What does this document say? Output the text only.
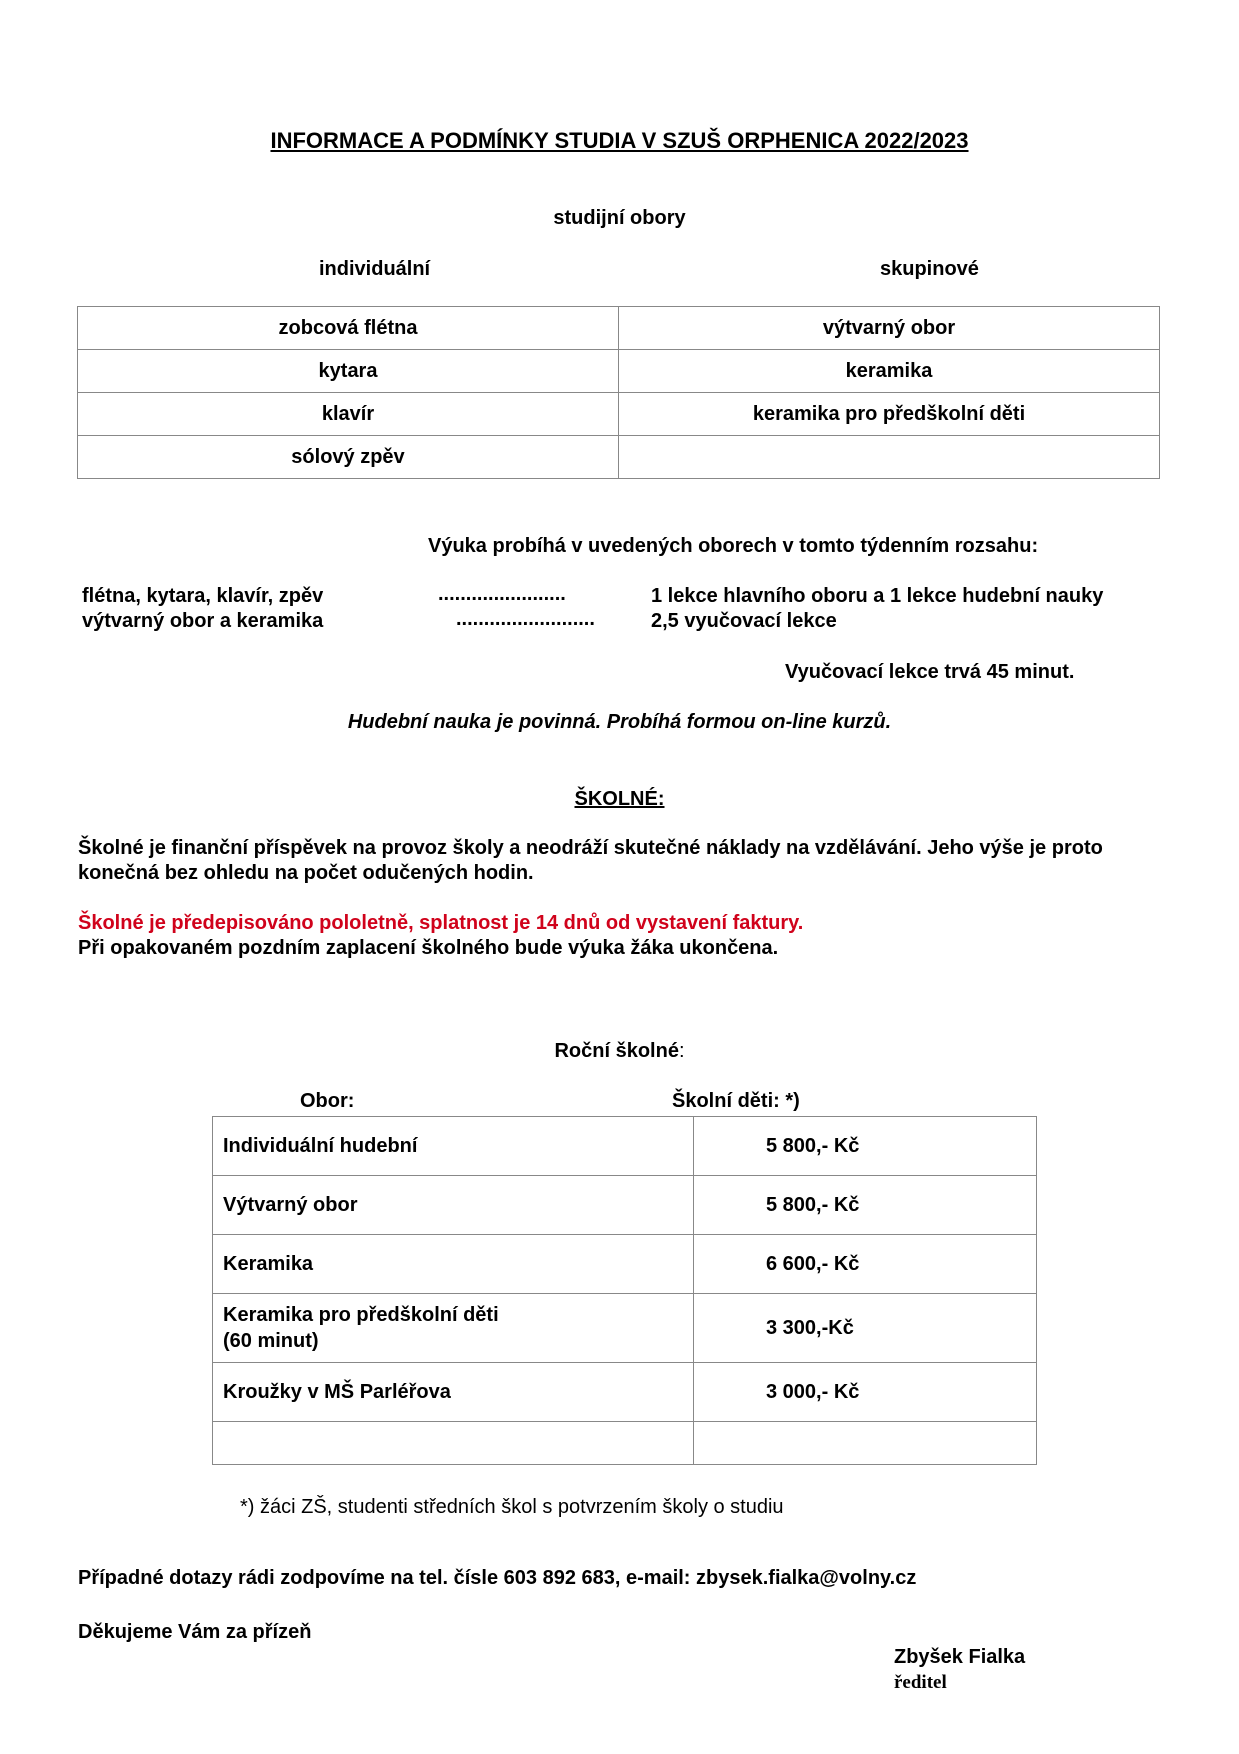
INFORMACE A PODMÍNKY STUDIA V SZUŠ ORPHENICA 2022/2023
studijní obory
individuální	skupinové
zobcová flétna	výtvarný obor
kytara	keramika
klavír	keramika pro předškolní děti
sólový zpěv	
Výuka probíhá v uvedených oborech v tomto týdenním rozsahu:
flétna, kytara, klavír, zpěv	.......................	1 lekce hlavního oboru a 1 lekce hudební nauky
výtvarný obor a keramika	.........................	2,5 vyučovací lekce
Vyučovací lekce trvá 45 minut.
Hudební nauka je povinná. Probíhá formou on-line kurzů.
ŠKOLNÉ:
Školné je finanční příspěvek na provoz školy a neodráží skutečné náklady na vzdělávání. Jeho výše je proto konečná bez ohledu na počet odučených hodin.
Školné je předepisováno pololetně, splatnost je 14 dnů od vystavení faktury.
Při opakovaném pozdním zaplacení školného bude výuka žáka ukončena.
Roční školné:
Obor:	Školní děti: *)
Individuální hudební	5 800,- Kč
Výtvarný obor	5 800,- Kč
Keramika	6 600,- Kč

Keramika pro předškolní děti
(60 minut)	3 300,-Kč
Kroužky v MŠ Parléřova	3 000,- Kč

*) žáci ZŠ, studenti středních škol s potvrzením školy o studiu
Případné dotazy rádi zodpovíme na tel. čísle 603 892 683, e-mail: zbysek.fialka@volny.cz
Děkujeme Vám za přízeň
Zbyšek Fialka
ředitel
